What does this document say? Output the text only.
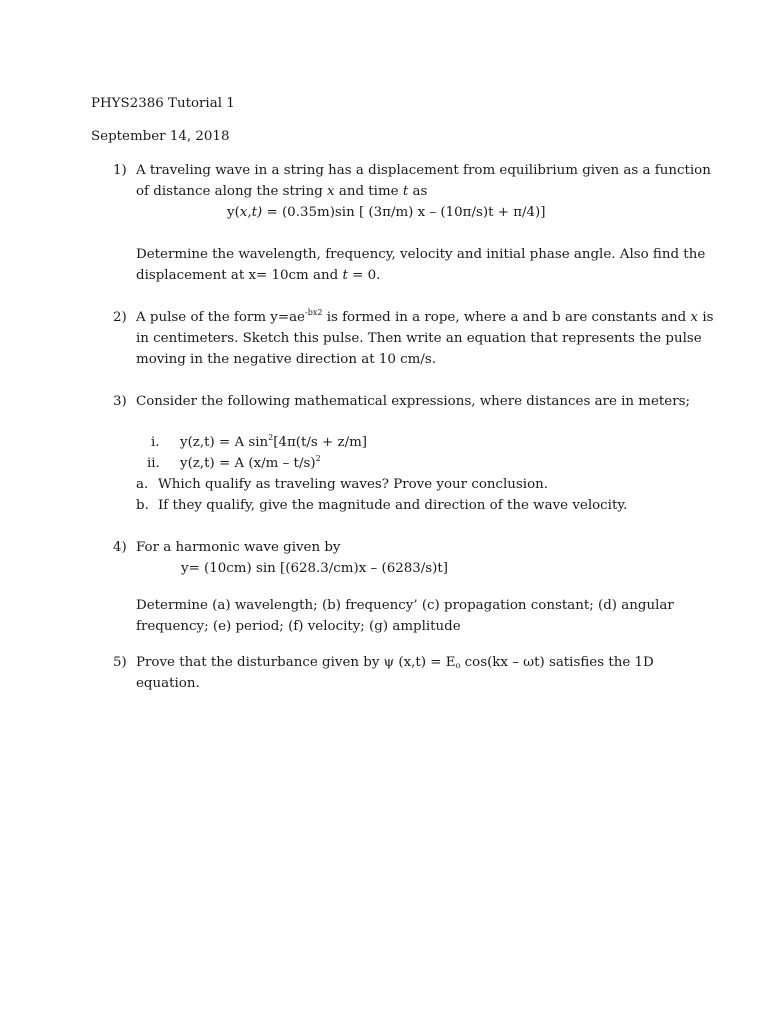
PHYS2386 Tutorial 1
September 14, 2018
1) A traveling wave in a string has a displacement from equilibrium given as a function
of distance along the string x and time t as
y(x,t) = (0.35m)sin [ (3π/m) x – (10π/s)t + π/4)]
Determine the wavelength, frequency, velocity and initial phase angle. Also find the
displacement at x= 10cm and t = 0.
2) A pulse of the form $y=ae^{-bx2}$ is formed in a rope, where a and b are constants and x is
in centimeters. Sketch this pulse. Then write an equation that represents the pulse
moving in the negative direction at 10 cm/s.
3) Consider the following mathematical expressions, where distances are in meters;
i. y(z,t) = A $\sin^2[4\pi(t/s + z/m]$
ii. y(z,t) = A (x/m – t/s)$^2$
a. Which qualify as traveling waves? Prove your conclusion.
b. If they qualify, give the magnitude and direction of the wave velocity.
4) For a harmonic wave given by
y= (10cm) sin [(628.3/cm)x – (6283/s)t]
Determine (a) wavelength; (b) frequency’ (c) propagation constant; (d) angular
frequency; (e) period; (f) velocity; (g) amplitude
5) Prove that the disturbance given by ψ $(x,t) = E_o$ cos(kx – ωt) satisfies the 1D
equation.
